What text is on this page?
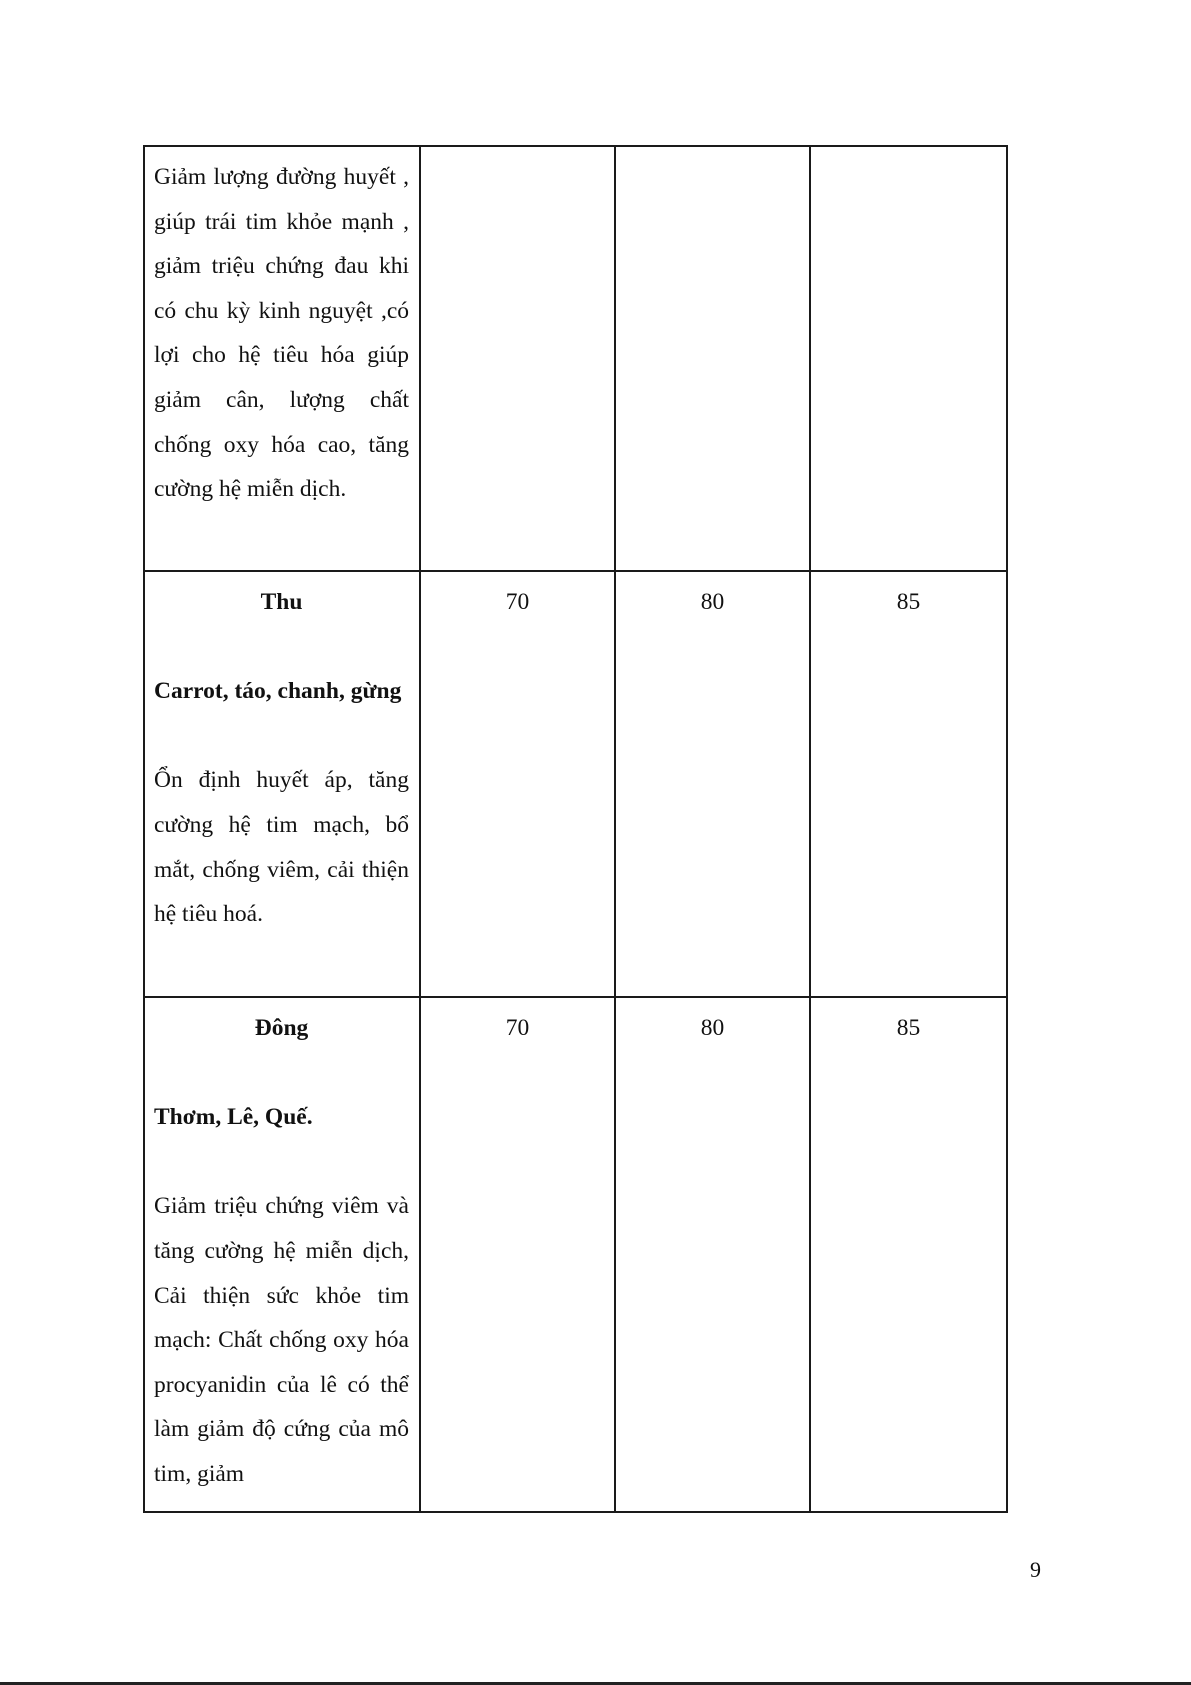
Giảm lượng đường huyết , giúp trái tim khỏe mạnh , giảm triệu chứng đau khi có chu kỳ kinh nguyệt ,có lợi cho hệ tiêu hóa giúp giảm cân, lượng chất chống oxy hóa cao, tăng cường hệ miễn dịch.			

Thu

Carrot, táo, chanh, gừng

Ổn định huyết áp, tăng cường hệ tim mạch, bổ mắt, chống viêm, cải thiện hệ tiêu hoá.	70	80	85

Đông

Thơm, Lê, Quế.

Giảm triệu chứng viêm và tăng cường hệ miễn dịch, Cải thiện sức khỏe tim mạch: Chất chống oxy hóa procyanidin của lê có thể làm giảm độ cứng của mô tim, giảm	70	80	85
9
